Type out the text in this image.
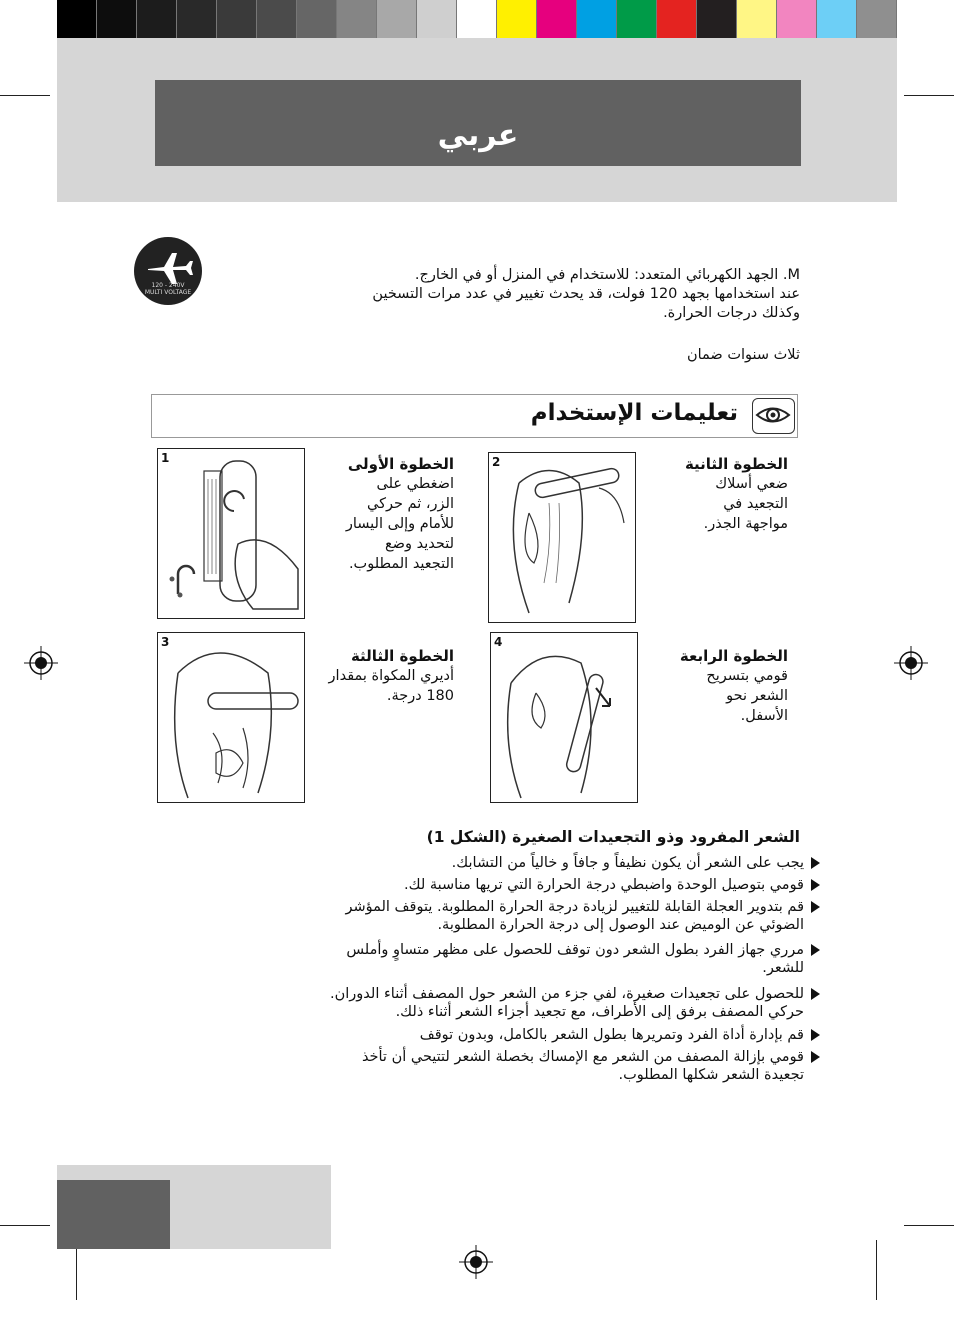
عربي
120 - 240V
MULTI VOLTAGE
M. الجهد الكهربائي المتعدد: للاستخدام في المنزل أو في الخارج.
عند استخدامها بجهد 120 فولت، قد يحدث تغيير في عدد مرات التسخين
وكذلك درجات الحرارة.
ثلاث سنوات ضمان
تعليمات الإستخدام
1	الخطوة الأولى
اضغطي على
الزر، ثم حركي
للأمام وإلى اليسار
لتحديد وضع
التجعيد المطلوب.
2	الخطوة الثانية
ضعي أسلاك
التجعيد في
مواجهة الجذر.
3
الخطوة الثالثة
أديري المكواة بمقدار
180 درجة.
4
الخطوة الرابعة
قومي بتسريح
الشعر نحو
الأسفل.
الشعر المفرود وذو التجعيدات الصغيرة (الشكل 1)
يجب على الشعر أن يكون نظيفاً و جافاً و خالياً من التشابك.
قومي بتوصيل الوحدة واضبطي درجة الحرارة التي تريها مناسبة لك.
قم بتدوير العجلة القابلة للتغيير لزيادة درجة الحرارة المطلوبة. يتوقف المؤشر
الضوئي عن الوميض عند الوصول إلى درجة الحرارة المطلوبة.
مرري جهاز الفرد بطول الشعر دون توقف للحصول على مظهر متساوٍ وأملس
للشعر.
للحصول على تجعيدات صغيرة، لفي جزء من الشعر حول المصفف أثناء الدوران.
حركي المصفف برفق إلى الأطراف، مع تجعيد أجزاء الشعر أثناء ذلك.
قم بإدارة أداة الفرد وتمريرها بطول الشعر بالكامل، وبدون توقف
قومي بإزالة المصفف من الشعر مع الإمساك بخصلة الشعر لتتيحي أن تأخذ
تجعيدة الشعر شكلها المطلوب.
